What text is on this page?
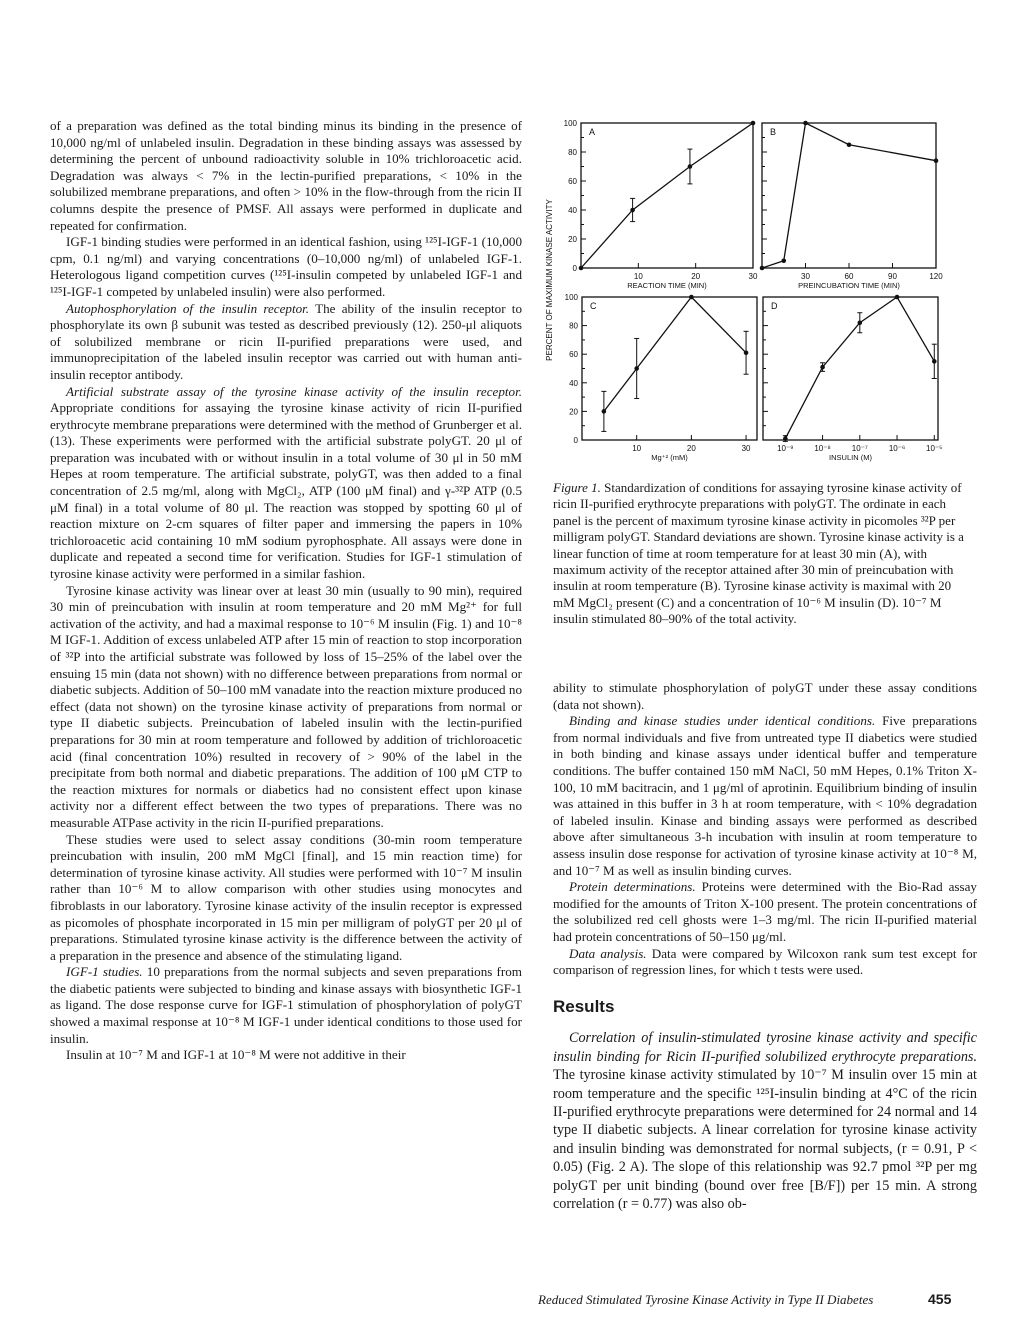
of a preparation was defined as the total binding minus its binding in the presence of 10,000 ng/ml of unlabeled insulin. Degradation in these binding assays was assessed by determining the percent of unbound radioactivity soluble in 10% trichloroacetic acid. Degradation was always < 7% in the lectin-purified preparations, < 10% in the solubilized membrane preparations, and often > 10% in the flow-through from the ricin II columns despite the presence of PMSF. All assays were performed in duplicate and repeated for confirmation.

IGF-1 binding studies were performed in an identical fashion, using ¹²⁵I-IGF-1 (10,000 cpm, 0.1 ng/ml) and varying concentrations (0–10,000 ng/ml) of unlabeled IGF-1. Heterologous ligand competition curves (¹²⁵I-insulin competed by unlabeled IGF-1 and ¹²⁵I-IGF-1 competed by unlabeled insulin) were also performed.

Autophosphorylation of the insulin receptor. The ability of the insulin receptor to phosphorylate its own β subunit was tested as described previously (12). 250-μl aliquots of solubilized membrane or ricin II-purified preparations were used, and immunoprecipitation of the labeled insulin receptor was carried out with human anti-insulin receptor antibody.

Artificial substrate assay of the tyrosine kinase activity of the insulin receptor. Appropriate conditions for assaying the tyrosine kinase activity of ricin II-purified erythrocyte membrane preparations were determined with the method of Grunberger et al. (13). These experiments were performed with the artificial substrate polyGT. 20 μl of preparation was incubated with or without insulin in a total volume of 30 μl in 50 mM Hepes at room temperature. The artificial substrate, polyGT, was then added to a final concentration of 2.5 mg/ml, along with MgCl₂, ATP (100 μM final) and γ-³²P ATP (0.5 μM final) in a total volume of 80 μl. The reaction was stopped by spotting 60 μl of reaction mixture on 2-cm squares of filter paper and immersing the papers in 10% trichloroacetic acid containing 10 mM sodium pyrophosphate. All assays were done in duplicate and repeated a second time for verification. Studies for IGF-1 stimulation of tyrosine kinase activity were performed in a similar fashion.

Tyrosine kinase activity was linear over at least 30 min (usually to 90 min), required 30 min of preincubation with insulin at room temperature and 20 mM Mg²⁺ for full activation of the activity, and had a maximal response to 10⁻⁶ M insulin (Fig. 1) and 10⁻⁸ M IGF-1. Addition of excess unlabeled ATP after 15 min of reaction to stop incorporation of ³²P into the artificial substrate was followed by loss of 15–25% of the label over the ensuing 15 min (data not shown) with no difference between preparations from normal or diabetic subjects. Addition of 50–100 mM vanadate into the reaction mixture produced no effect (data not shown) on the tyrosine kinase activity of preparations from normal or type II diabetic subjects. Preincubation of labeled insulin with the lectin-purified preparations for 30 min at room temperature and followed by addition of trichloroacetic acid (final concentration 10%) resulted in recovery of > 90% of the label in the precipitate from both normal and diabetic preparations. The addition of 100 μM CTP to the reaction mixtures for normals or diabetics had no consistent effect upon kinase activity nor a different effect between the two types of preparations. There was no measurable ATPase activity in the ricin II-purified preparations.

These studies were used to select assay conditions (30-min room temperature preincubation with insulin, 200 mM MgCl [final], and 15 min reaction time) for determination of tyrosine kinase activity. All studies were performed with 10⁻⁷ M insulin rather than 10⁻⁶ M to allow comparison with other studies using monocytes and fibroblasts in our laboratory. Tyrosine kinase activity of the insulin receptor is expressed as picomoles of phosphate incorporated in 15 min per milligram of polyGT per 20 μl of preparations. Stimulated tyrosine kinase activity is the difference between the activity of a preparation in the presence and absence of the stimulating ligand.

IGF-1 studies. 10 preparations from the normal subjects and seven preparations from the diabetic patients were subjected to binding and kinase assays with biosynthetic IGF-1 as ligand. The dose response curve for IGF-1 stimulation of phosphorylation of polyGT showed a maximal response at 10⁻⁸ M IGF-1 under identical conditions to those used for insulin.

Insulin at 10⁻⁷ M and IGF-1 at 10⁻⁸ M were not additive in their

PERCENT OF MAXIMUM KINASE ACTIVITY
A
0
20
40
60
80
100
10	20	30
REACTION TIME (MIN)
B
30	60	90	120
PREINCUBATION TIME (MIN)
C
0
20
40
60
80
100
10	20	30
Mg⁺² (mM)
D
10⁻⁹	10⁻⁸	10⁻⁷	10⁻⁶	10⁻⁵
INSULIN (M)
Figure 1. Standardization of conditions for assaying tyrosine kinase activity of ricin II-purified erythrocyte preparations with polyGT. The ordinate in each panel is the percent of maximum tyrosine kinase activity in picomoles ³²P per milligram polyGT. Standard deviations are shown. Tyrosine kinase activity is a linear function of time at room temperature for at least 30 min (A), with maximum activity of the receptor attained after 30 min of preincubation with insulin at room temperature (B). Tyrosine kinase activity is maximal with 20 mM MgCl₂ present (C) and a concentration of 10⁻⁶ M insulin (D). 10⁻⁷ M insulin stimulated 80–90% of the total activity.

ability to stimulate phosphorylation of polyGT under these assay conditions (data not shown).

Binding and kinase studies under identical conditions. Five preparations from normal individuals and five from untreated type II diabetics were studied in both binding and kinase assays under identical buffer and temperature conditions. The buffer contained 150 mM NaCl, 50 mM Hepes, 0.1% Triton X-100, 10 mM bacitracin, and 1 μg/ml of aprotinin. Equilibrium binding of insulin was attained in this buffer in 3 h at room temperature, with < 10% degradation of labeled insulin. Kinase and binding assays were performed as described above after simultaneous 3-h incubation with insulin at room temperature to assess insulin dose response for activation of tyrosine kinase activity at 10⁻⁸ M, and 10⁻⁷ M as well as insulin binding curves.

Protein determinations. Proteins were determined with the Bio-Rad assay modified for the amounts of Triton X-100 present. The protein concentrations of the solubilized red cell ghosts were 1–3 mg/ml. The ricin II-purified material had protein concentrations of 50–150 μg/ml.

Data analysis. Data were compared by Wilcoxon rank sum test except for comparison of regression lines, for which t tests were used.

Results

Correlation of insulin-stimulated tyrosine kinase activity and specific insulin binding for Ricin II-purified solubilized erythrocyte preparations. The tyrosine kinase activity stimulated by 10⁻⁷ M insulin over 15 min at room temperature and the specific ¹²⁵I-insulin binding at 4°C of the ricin II-purified erythrocyte preparations were determined for 24 normal and 14 type II diabetic subjects. A linear correlation for tyrosine kinase activity and insulin binding was demonstrated for normal subjects, (r = 0.91, P < 0.05) (Fig. 2 A). The slope of this relationship was 92.7 pmol ³²P per mg polyGT per unit binding (bound over free [B/F]) per 15 min. A strong correlation (r = 0.77) was also ob-

Reduced Stimulated Tyrosine Kinase Activity in Type II Diabetes	455
